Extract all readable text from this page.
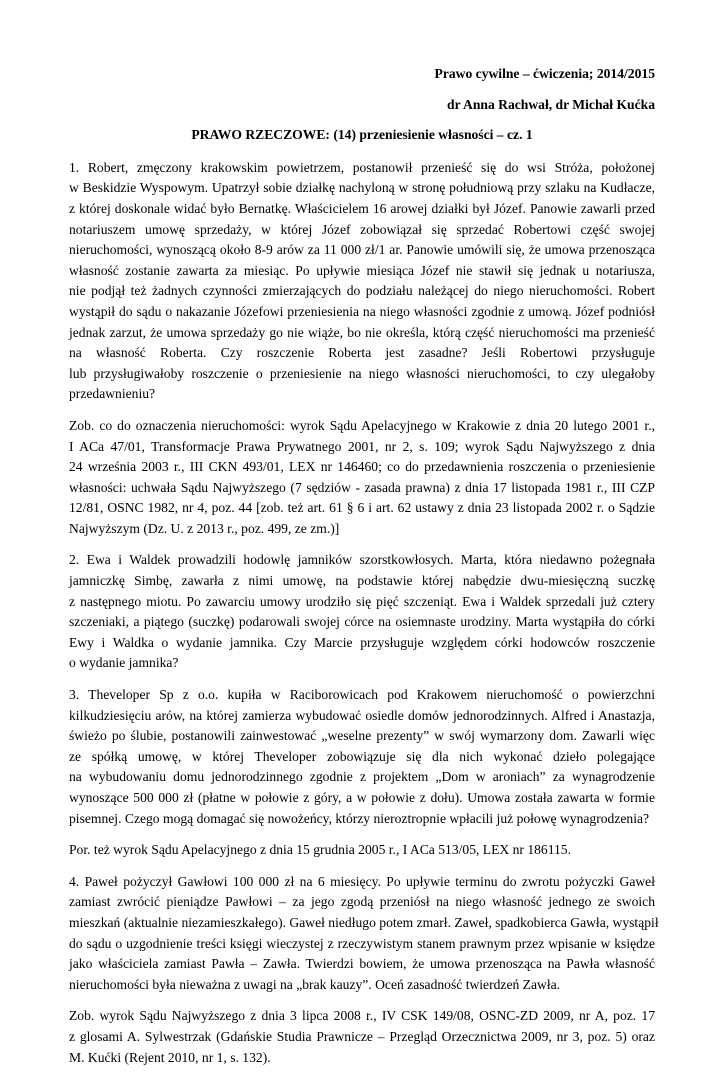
Prawo cywilne – ćwiczenia; 2014/2015

dr Anna Rachwał, dr Michał Kućka

PRAWO RZECZOWE: (14) przeniesienie własności – cz. 1

1. Robert, zmęczony krakowskim powietrzem, postanowił przenieść się do wsi Stróża, położonej
w Beskidzie Wyspowym. Upatrzył sobie działkę nachyloną w stronę południową przy szlaku na Kudłacze,
z której doskonale widać było Bernatkę. Właścicielem 16 arowej działki był Józef. Panowie zawarli przed
notariuszem umowę sprzedaży, w której Józef zobowiązał się sprzedać Robertowi część swojej
nieruchomości, wynoszącą około 8-9 arów za 11 000 zł/1 ar. Panowie umówili się, że umowa przenosząca
własność zostanie zawarta za miesiąc. Po upływie miesiąca Józef nie stawił się jednak u notariusza,
nie podjął też żadnych czynności zmierzających do podziału należącej do niego nieruchomości. Robert
wystąpił do sądu o nakazanie Józefowi przeniesienia na niego własności zgodnie z umową. Józef podniósł
jednak zarzut, że umowa sprzedaży go nie wiąże, bo nie określa, którą część nieruchomości ma przenieść
na własność Roberta. Czy roszczenie Roberta jest zasadne? Jeśli Robertowi przysługuje
lub przysługiwałoby roszczenie o przeniesienie na niego własności nieruchomości, to czy ulegałoby
przedawnieniu?
Zob. co do oznaczenia nieruchomości: wyrok Sądu Apelacyjnego w Krakowie z dnia 20 lutego 2001 r.,
I ACa 47/01, Transformacje Prawa Prywatnego 2001, nr 2, s. 109; wyrok Sądu Najwyższego z dnia
24 września 2003 r., III CKN 493/01, LEX nr 146460; co do przedawnienia roszczenia o przeniesienie
własności: uchwała Sądu Najwyższego (7 sędziów - zasada prawna) z dnia 17 listopada 1981 r., III CZP
12/81, OSNC 1982, nr 4, poz. 44 [zob. też art. 61 § 6 i art. 62 ustawy z dnia 23 listopada 2002 r. o Sądzie
Najwyższym (Dz. U. z 2013 r., poz. 499, ze zm.)]
2. Ewa i Waldek prowadzili hodowlę jamników szorstkowłosych. Marta, która niedawno pożegnała
jamniczkę Simbę, zawarła z nimi umowę, na podstawie której nabędzie dwu-miesięczną suczkę
z następnego miotu. Po zawarciu umowy urodziło się pięć szczeniąt. Ewa i Waldek sprzedali już cztery
szczeniaki, a piątego (suczkę) podarowali swojej córce na osiemnaste urodziny. Marta wystąpiła do córki
Ewy i Waldka o wydanie jamnika. Czy Marcie przysługuje względem córki hodowców roszczenie
o wydanie jamnika?
3. Theveloper Sp z o.o. kupiła w Raciborowicach pod Krakowem nieruchomość o powierzchni
kilkudziesięciu arów, na której zamierza wybudować osiedle domów jednorodzinnych. Alfred i Anastazja,
świeżo po ślubie, postanowili zainwestować „weselne prezenty” w swój wymarzony dom. Zawarli więc
ze spółką umowę, w której Theveloper zobowiązuje się dla nich wykonać dzieło polegające
na wybudowaniu domu jednorodzinnego zgodnie z projektem „Dom w aroniach” za wynagrodzenie
wynoszące 500 000 zł (płatne w połowie z góry, a w połowie z dołu). Umowa została zawarta w formie
pisemnej. Czego mogą domagać się nowożeńcy, którzy nieroztropnie wpłacili już połowę wynagrodzenia?
Por. też wyrok Sądu Apelacyjnego z dnia 15 grudnia 2005 r., I ACa 513/05, LEX nr 186115.
4. Paweł pożyczył Gawłowi 100 000 zł na 6 miesięcy. Po upływie terminu do zwrotu pożyczki Gaweł
zamiast zwrócić pieniądze Pawłowi – za jego zgodą przeniósł na niego własność jednego ze swoich
mieszkań (aktualnie niezamieszkałego). Gaweł niedługo potem zmarł. Zaweł, spadkobierca Gawła, wystąpił
do sądu o uzgodnienie treści księgi wieczystej z rzeczywistym stanem prawnym przez wpisanie w księdze
jako właściciela zamiast Pawła – Zawła. Twierdzi bowiem, że umowa przenosząca na Pawła własność
nieruchomości była nieważna z uwagi na „brak kauzy”. Oceń zasadność twierdzeń Zawła.
Zob. wyrok Sądu Najwyższego z dnia 3 lipca 2008 r., IV CSK 149/08, OSNC-ZD 2009, nr A, poz. 17
z glosami A. Sylwestrzak (Gdańskie Studia Prawnicze – Przegląd Orzecznictwa 2009, nr 3, poz. 5) oraz
M. Kućki (Rejent 2010, nr 1, s. 132).
